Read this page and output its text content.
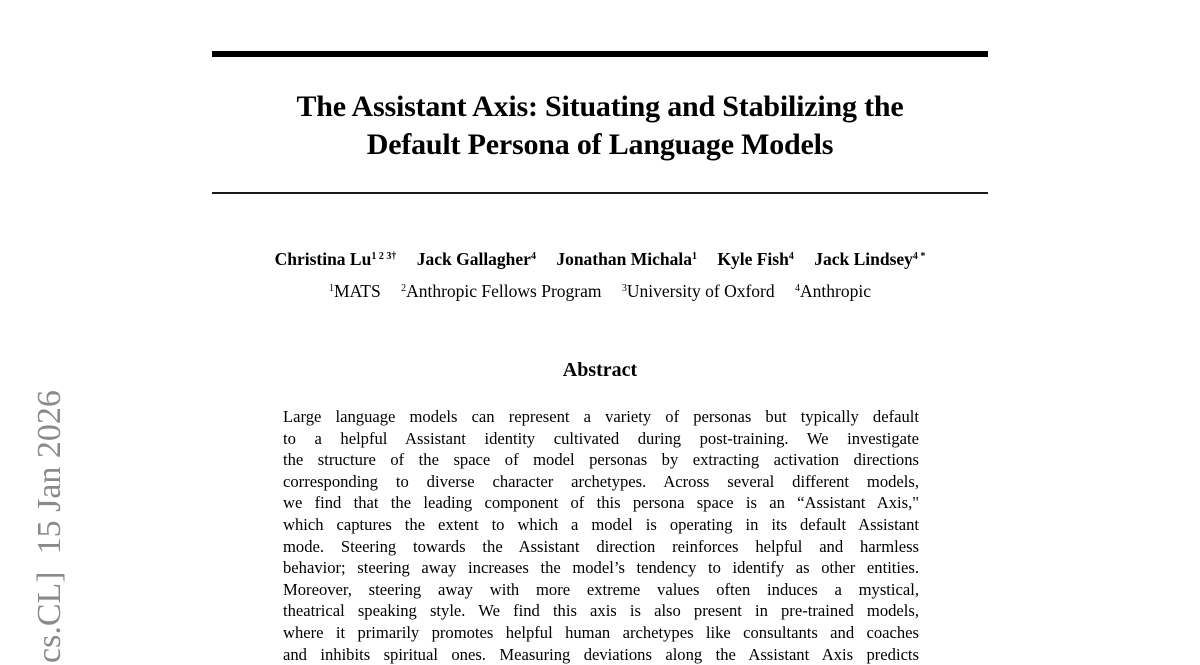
cs.CL]  15 Jan 2026
The Assistant Axis: Situating and Stabilizing the
Default Persona of Language Models
Christina $Lu^{1 2 3\dagger}$ Jack Gallagher$^4$ Jonathan Michala$^1$ Kyle Fish$^4$ Jack Lindsey$^{4 *}$
$^1$MATS $^2$Anthropic Fellows Program $^3$University of Oxford $^4$Anthropic
Abstract
Large language models can represent a variety of personas but typically default
to a helpful Assistant identity cultivated during post-training. We investigate
the structure of the space of model personas by extracting activation directions
corresponding to diverse character archetypes. Across several different models,
we find that the leading component of this persona space is an “Assistant Axis,"
which captures the extent to which a model is operating in its default Assistant
mode. Steering towards the Assistant direction reinforces helpful and harmless
behavior; steering away increases the model’s tendency to identify as other entities.
Moreover, steering away with more extreme values often induces a mystical,
theatrical speaking style. We find this axis is also present in pre-trained models,
where it primarily promotes helpful human archetypes like consultants and coaches
and inhibits spiritual ones. Measuring deviations along the Assistant Axis predicts
